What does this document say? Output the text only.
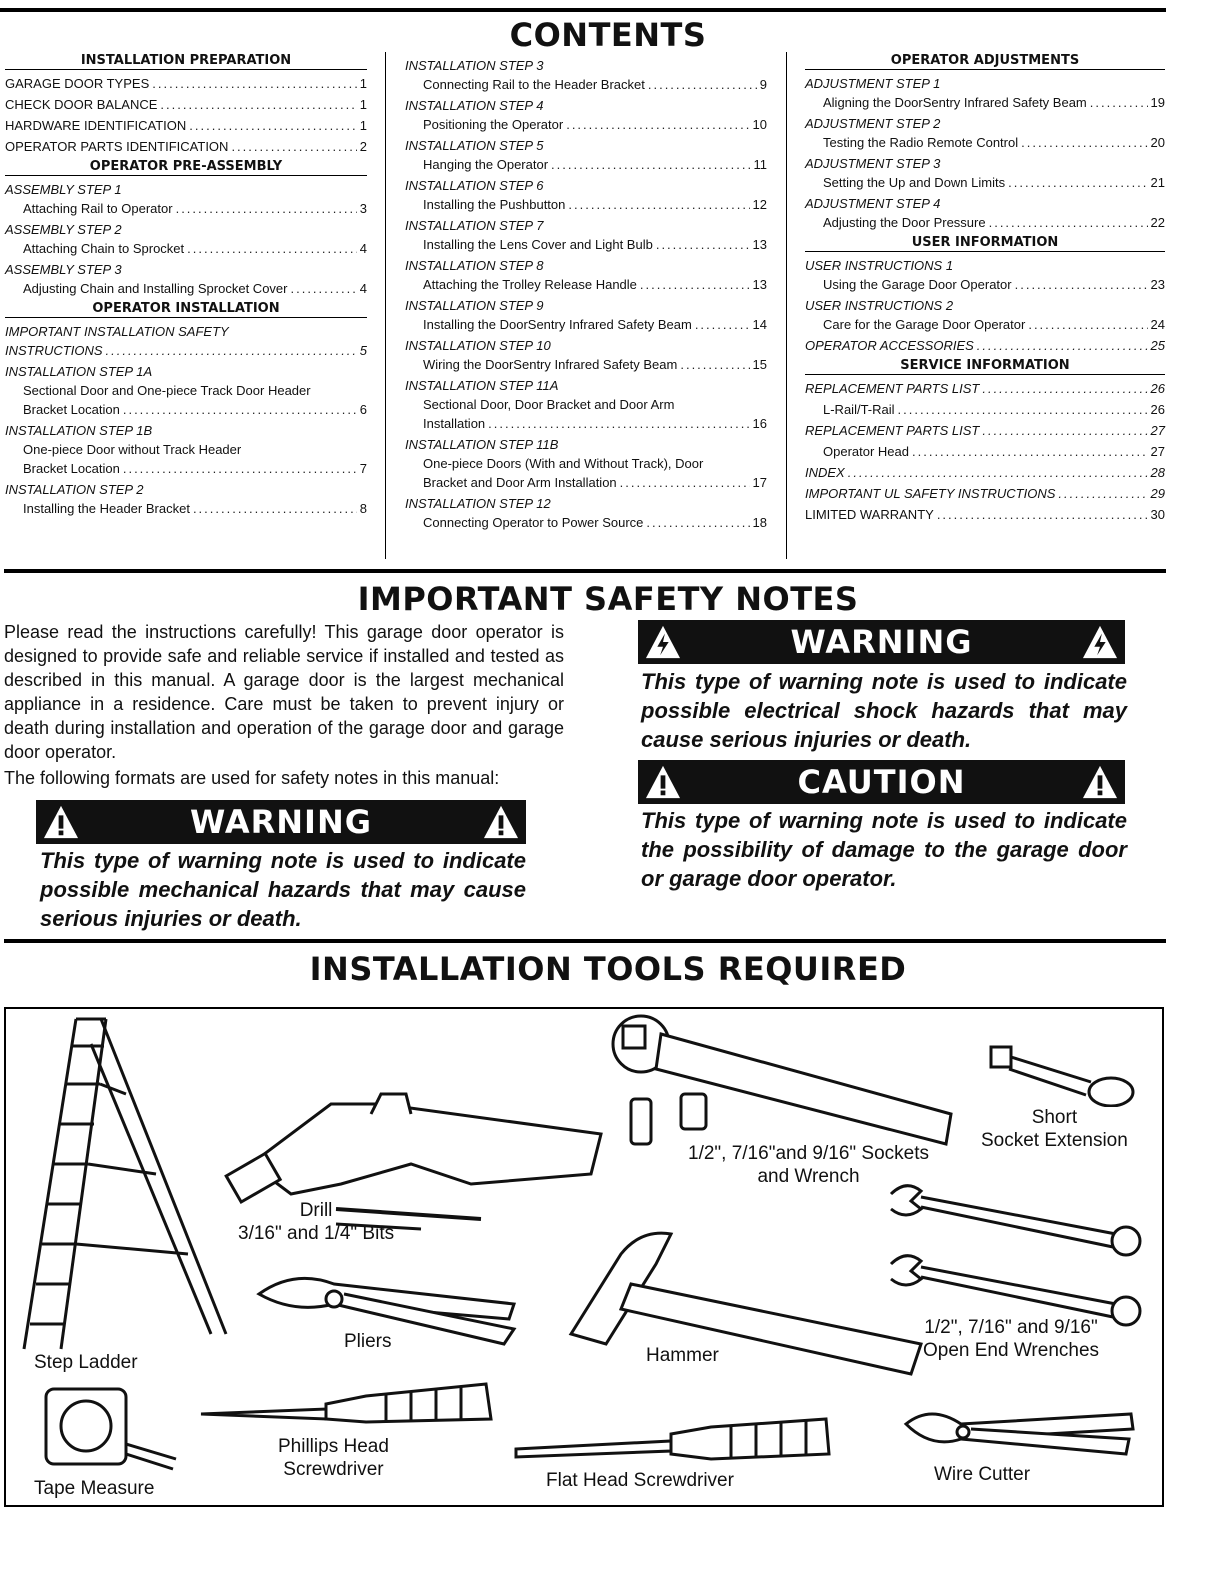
CONTENTS
INSTALLATION PREPARATION
GARAGE DOOR TYPES .....	1
CHECK DOOR BALANCE .....	1
HARDWARE IDENTIFICATION .....	1
OPERATOR PARTS IDENTIFICATION .....	2
OPERATOR PRE-ASSEMBLY
ASSEMBLY STEP 1
Attaching Rail to Operator .....	3
ASSEMBLY STEP 2
Attaching Chain to Sprocket .....	4
ASSEMBLY STEP 3
Adjusting Chain and Installing Sprocket Cover .....	4
OPERATOR INSTALLATION
IMPORTANT INSTALLATION SAFETY
INSTRUCTIONS .....	5
INSTALLATION STEP 1A
Sectional Door and One-piece Track Door Header
Bracket Location .....	6
INSTALLATION STEP 1B
One-piece Door without Track Header
Bracket Location .....	7
INSTALLATION STEP 2
Installing the Header Bracket .....	8
INSTALLATION STEP 3
Connecting Rail to the Header Bracket .....	9
INSTALLATION STEP 4
Positioning the Operator .....	10
INSTALLATION STEP 5
Hanging the Operator .....	11
INSTALLATION STEP 6
Installing the Pushbutton .....	12
INSTALLATION STEP 7
Installing the Lens Cover and Light Bulb .....	13
INSTALLATION STEP 8
Attaching the Trolley Release Handle .....	13
INSTALLATION STEP 9
Installing the DoorSentry Infrared Safety Beam .....	14
INSTALLATION STEP 10
Wiring the DoorSentry Infrared Safety Beam .....	15
INSTALLATION STEP 11A
Sectional Door, Door Bracket and Door Arm
Installation .....	16
INSTALLATION STEP 11B
One-piece Doors (With and Without Track), Door
Bracket and Door Arm Installation .....	17
INSTALLATION STEP 12
Connecting Operator to Power Source .....	18
OPERATOR ADJUSTMENTS
ADJUSTMENT STEP 1
Aligning the DoorSentry Infrared Safety Beam .....	19
ADJUSTMENT STEP 2
Testing the Radio Remote Control .....	20
ADJUSTMENT STEP 3
Setting the Up and Down Limits .....	21
ADJUSTMENT STEP 4
Adjusting the Door Pressure .....	22
USER INFORMATION
USER INSTRUCTIONS 1
Using the Garage Door Operator .....	23
USER INSTRUCTIONS 2
Care for the Garage Door Operator .....	24
OPERATOR ACCESSORIES .....	25
SERVICE INFORMATION
REPLACEMENT PARTS LIST .....	26
L-Rail/T-Rail .....	26
REPLACEMENT PARTS LIST .....	27
Operator Head .....	27
INDEX .....	28
IMPORTANT UL SAFETY INSTRUCTIONS .....	29
LIMITED WARRANTY .....	30
IMPORTANT SAFETY NOTES

Please read the instructions carefully! This garage door operator is designed to provide safe and reliable service if installed and tested as described in this manual. A garage door is the largest mechanical appliance in a residence. Care must be taken to prevent injury or death during installation and operation of the garage door and garage door operator.

The following formats are used for safety notes in this manual:

WARNING
This type of warning note is used to indicate possible mechanical hazards that may cause serious injuries or death.
WARNING
This type of warning note is used to indicate possible electrical shock hazards that may cause serious injuries or death.
CAUTION
This type of warning note is used to indicate the possibility of damage to the garage door or garage door operator.
INSTALLATION TOOLS REQUIRED
Step Ladder
Drill
3/16" and 1/4" Bits
1/2", 7/16"and 9/16" Sockets
and Wrench
Short
Socket Extension
Pliers
Hammer
1/2", 7/16" and 9/16"
Open End Wrenches
Tape Measure
Phillips Head
Screwdriver
Flat Head Screwdriver	Wire Cutter
